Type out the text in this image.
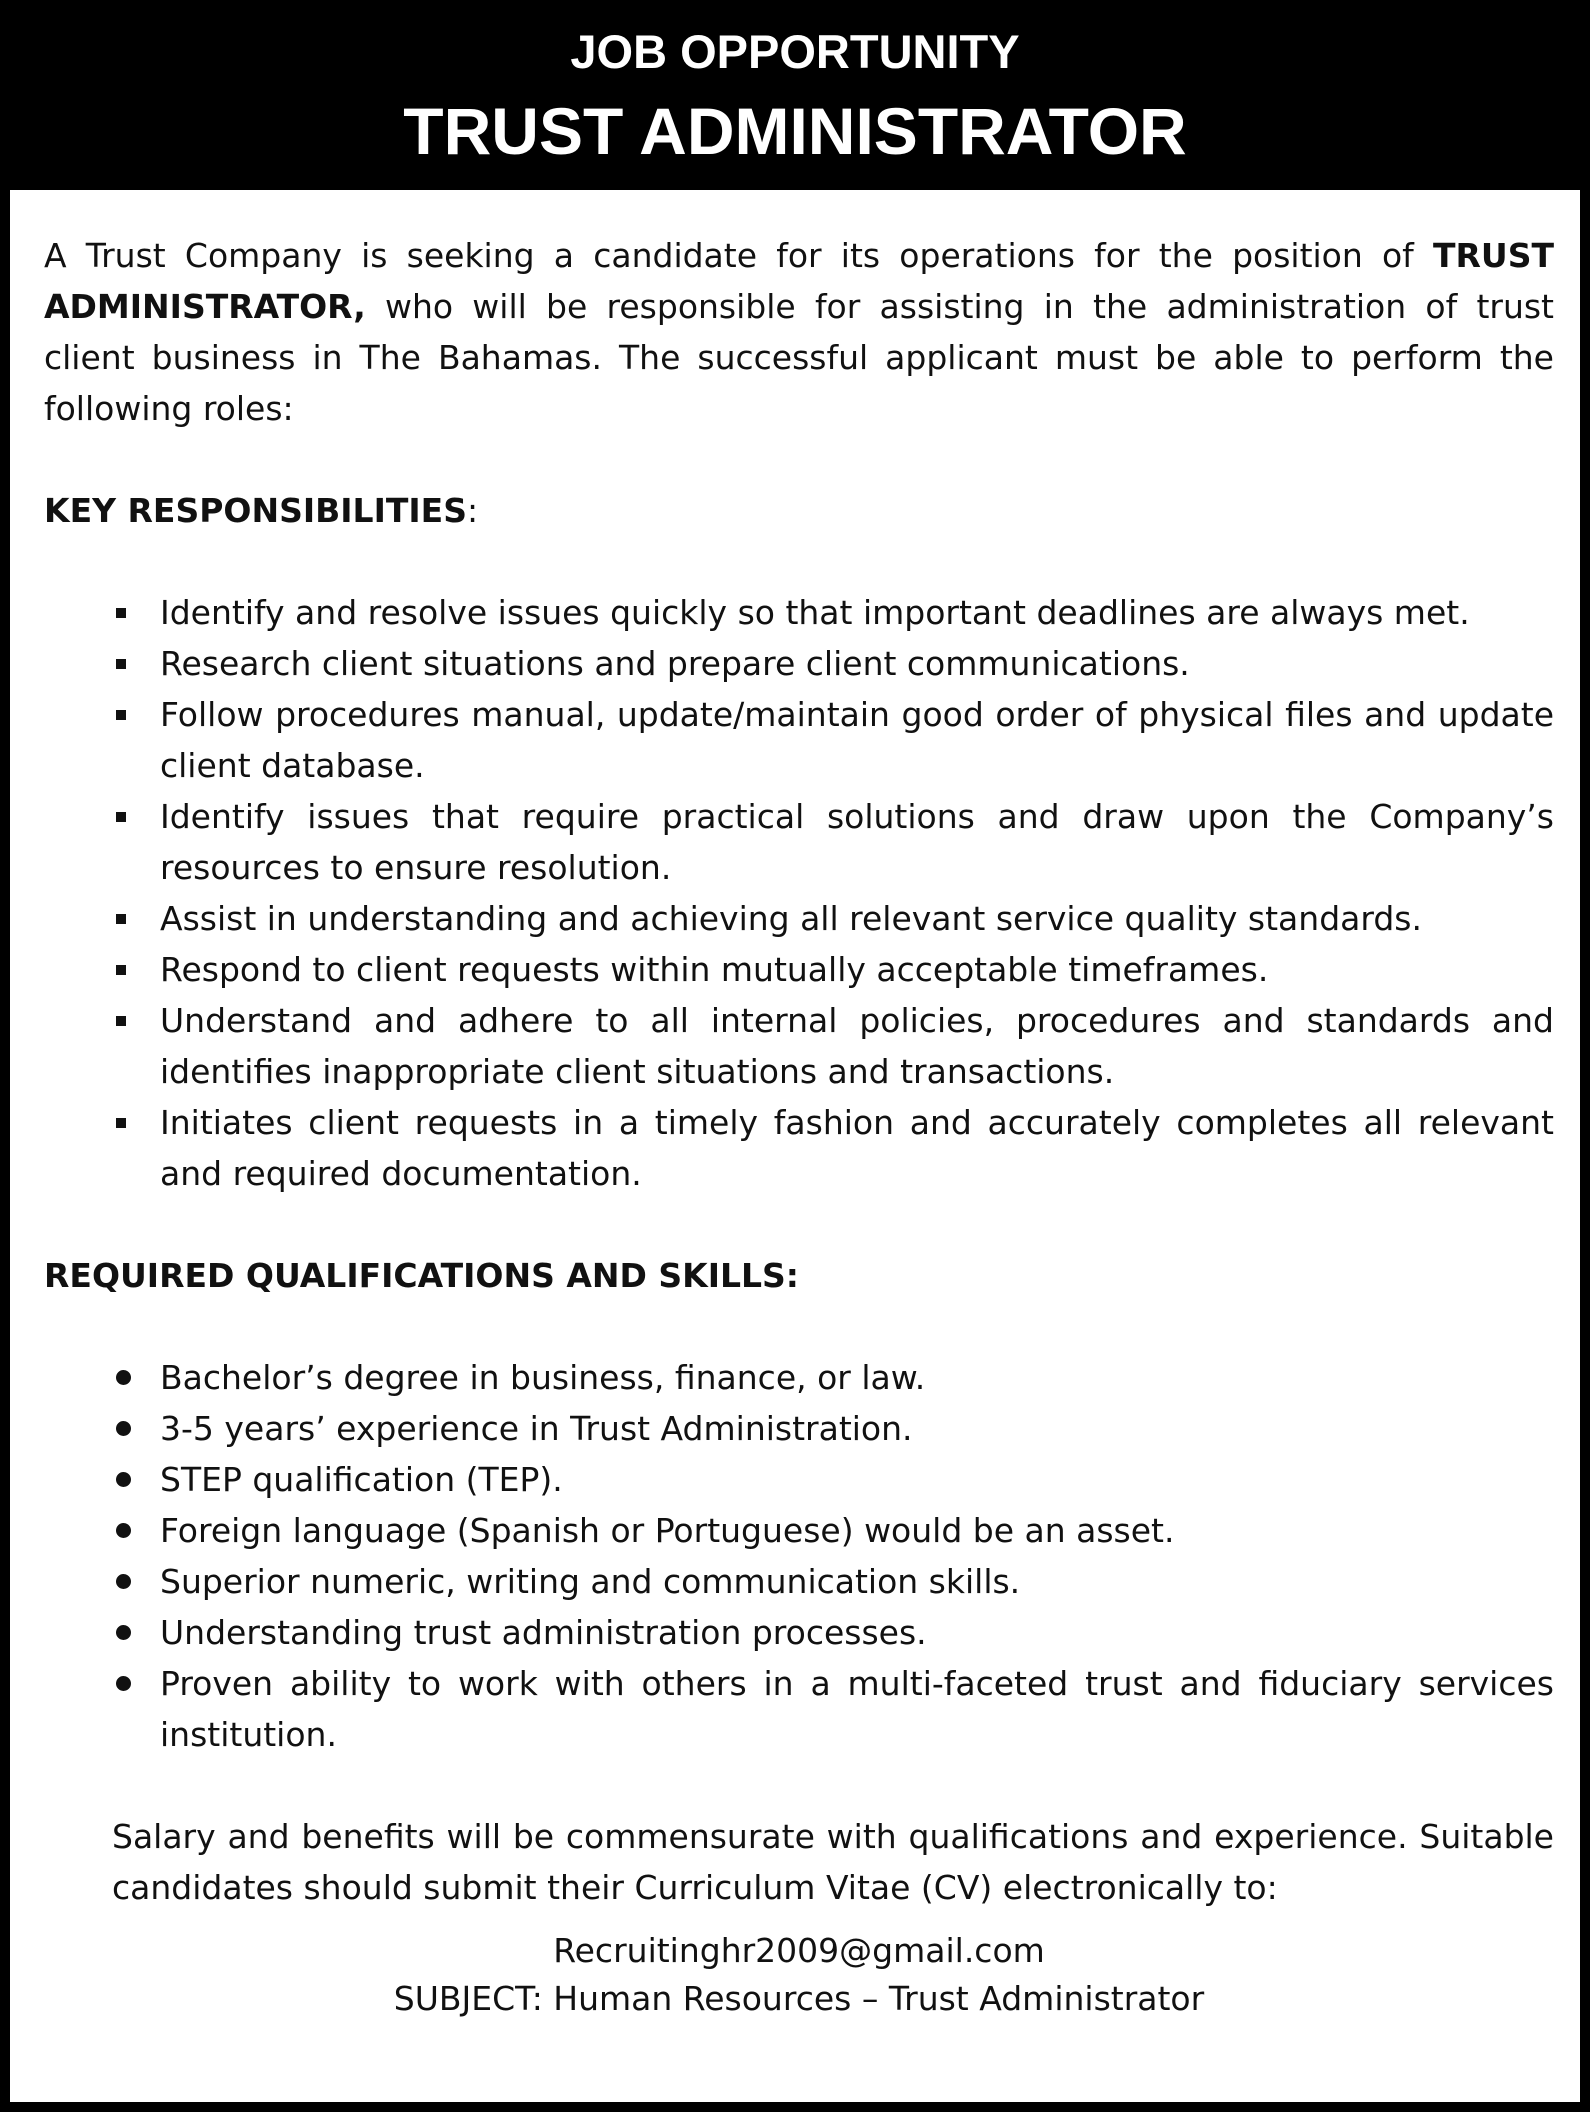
JOB OPPORTUNITY
TRUST ADMINISTRATOR

A Trust Company is seeking a candidate for its operations for the position of TRUST ADMINISTRATOR, who will be responsible for assisting in the administration of trust client business in The Bahamas. The successful applicant must be able to perform the following roles:

KEY RESPONSIBILITIES:
Identify and resolve issues quickly so that important deadlines are always met.
Research client situations and prepare client communications.
Follow procedures manual, update/maintain good order of physical files and update client database.
Identify issues that require practical solutions and draw upon the Company’s resources to ensure resolution.
Assist in understanding and achieving all relevant service quality standards.
Respond to client requests within mutually acceptable timeframes.
Understand and adhere to all internal policies, procedures and standards and identifies inappropriate client situations and transactions.
Initiates client requests in a timely fashion and accurately completes all relevant and required documentation.
REQUIRED QUALIFICATIONS AND SKILLS:
Bachelor’s degree in business, finance, or law.
3-5 years’ experience in Trust Administration.
STEP qualification (TEP).
Foreign language (Spanish or Portuguese) would be an asset.
Superior numeric, writing and communication skills.
Understanding trust administration processes.
Proven ability to work with others in a multi-faceted trust and fiduciary services institution.

Salary and benefits will be commensurate with qualifications and experience. Suitable candidates should submit their Curriculum Vitae (CV) electronically to:

Recruitinghr2009@gmail.com
SUBJECT: Human Resources – Trust Administrator
